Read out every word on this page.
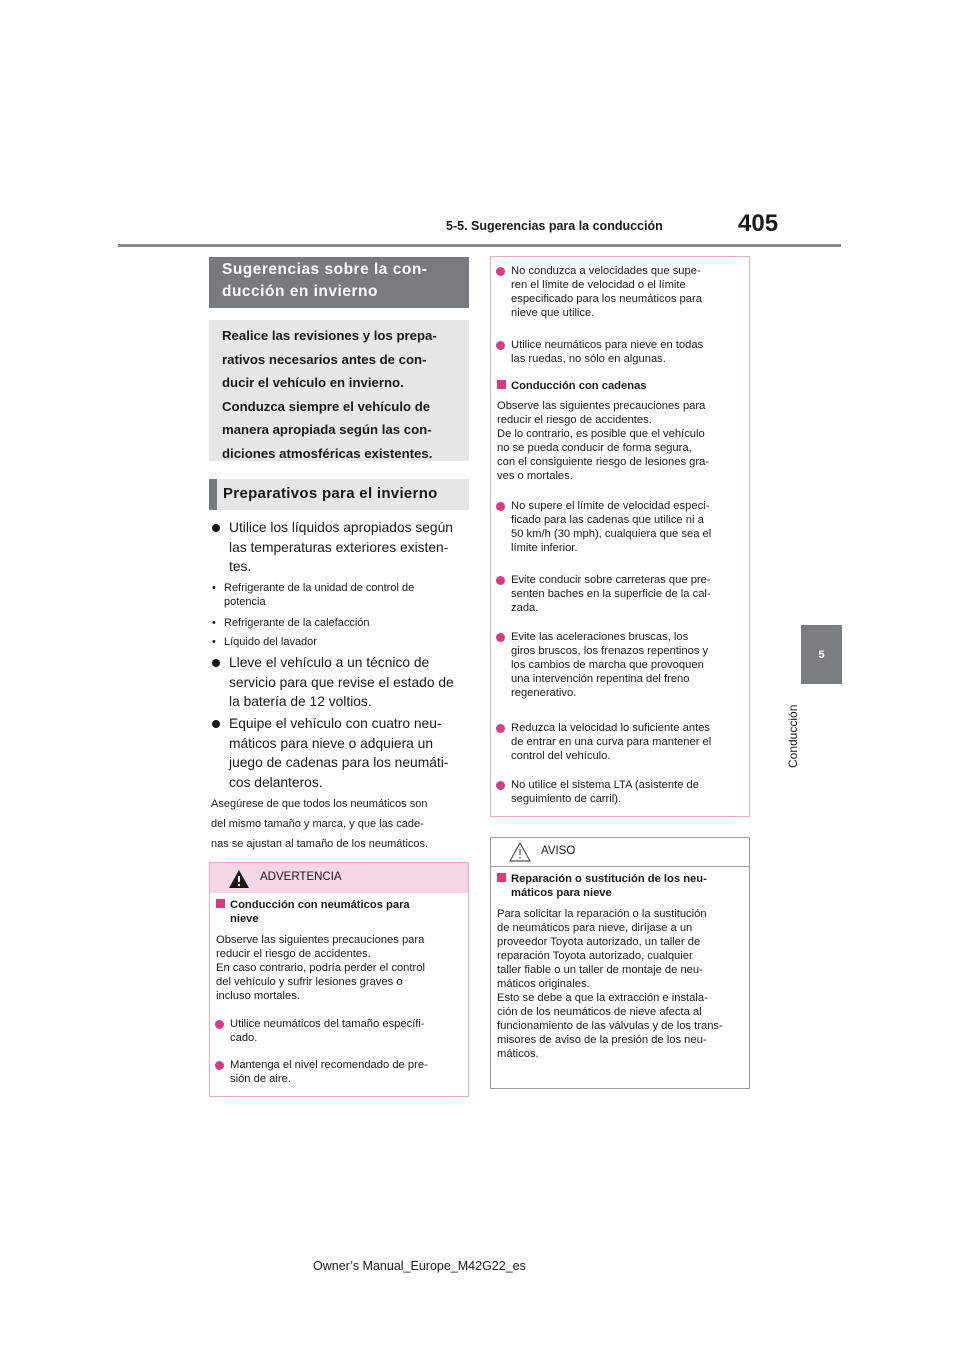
5-5. Sugerencias para la conducción	405
5
Conducción
Sugerencias sobre la con-
ducción en invierno
Realice las revisiones y los prepa-
rativos necesarios antes de con-
ducir el vehículo en invierno.
Conduzca siempre el vehículo de
manera apropiada según las con-
diciones atmosféricas existentes.
Preparativos para el invierno
Utilice los líquidos apropiados según
las temperaturas exteriores existen-
tes.
• Refrigerante de la unidad de control de
potencia
• Refrigerante de la calefacción
• Líquido del lavador
Lleve el vehículo a un técnico de
servicio para que revise el estado de
la batería de 12 voltios.
Equipe el vehículo con cuatro neu-
máticos para nieve o adquiera un
juego de cadenas para los neumáti-
cos delanteros.
Asegúrese de que todos los neumáticos son
del mismo tamaño y marca, y que las cade-
nas se ajustan al tamaño de los neumáticos.
ADVERTENCIA
Conducción con neumáticos para
nieve
Observe las siguientes precauciones para
reducir el riesgo de accidentes.
En caso contrario, podría perder el control
del vehículo y sufrir lesiones graves o
incluso mortales.
Utilice neumáticos del tamaño específi-
cado.
Mantenga el nivel recomendado de pre-
sión de aire.
No conduzca a velocidades que supe-
ren el límite de velocidad o el límite
especificado para los neumáticos para
nieve que utilice.
Utilice neumáticos para nieve en todas
las ruedas, no sólo en algunas.
Conducción con cadenas
Observe las siguientes precauciones para
reducir el riesgo de accidentes.
De lo contrario, es posible que el vehículo
no se pueda conducir de forma segura,
con el consiguiente riesgo de lesiones gra-
ves o mortales.
No supere el límite de velocidad especi-
ficado para las cadenas que utilice ni a
50 km/h (30 mph), cualquiera que sea el
límite inferior.
Evite conducir sobre carreteras que pre-
senten baches en la superficie de la cal-
zada.
Evite las aceleraciones bruscas, los
giros bruscos, los frenazos repentinos y
los cambios de marcha que provoquen
una intervención repentina del freno
regenerativo.
Reduzca la velocidad lo suficiente antes
de entrar en una curva para mantener el
control del vehículo.
No utilice el sistema LTA (asistente de
seguimiento de carril).
AVISO
Reparación o sustitución de los neu-
máticos para nieve
Para solicitar la reparación o la sustitución
de neumáticos para nieve, diríjase a un
proveedor Toyota autorizado, un taller de
reparación Toyota autorizado, cualquier
taller fiable o un taller de montaje de neu-
máticos originales.
Esto se debe a que la extracción e instala-
ción de los neumáticos de nieve afecta al
funcionamiento de las válvulas y de los trans-
misores de aviso de la presión de los neu-
máticos.
Owner’s Manual_Europe_M42G22_es
